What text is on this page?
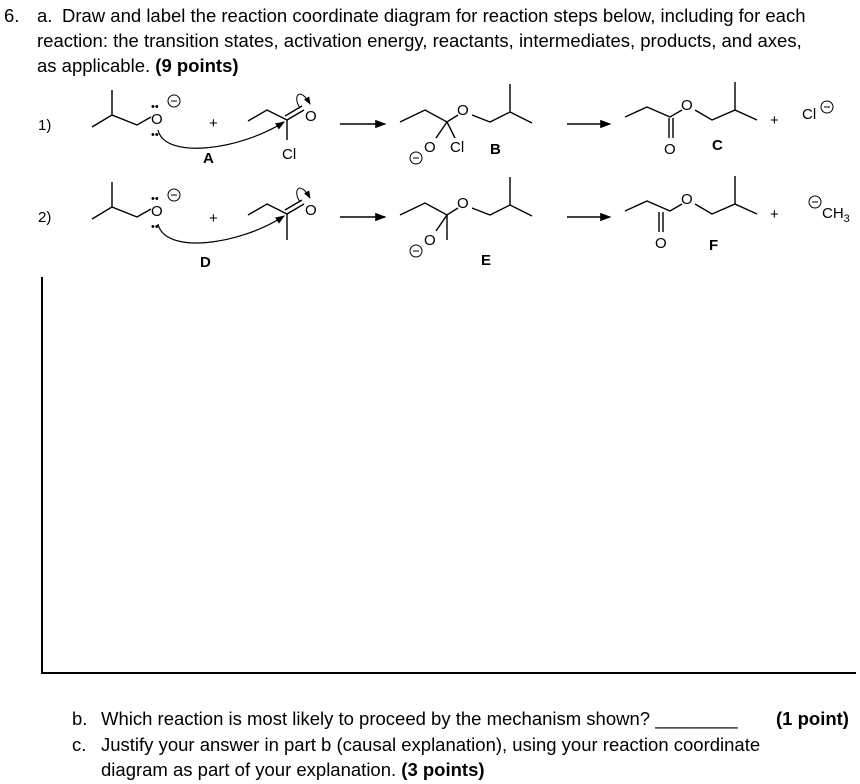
6. a. Draw and label the reaction coordinate diagram for reaction steps below, including for each
reaction: the transition states, activation energy, reactants, intermediates, products, and axes,
as applicable. (9 points)
1)	O
••
••
+
A
O
Cl
O
O Cl B
O
O C
+ Cl
2)	O
••
••	+
D
O	O
O
E
O
O	F
+	$CH_3$
b. Which reaction is most likely to proceed by the mechanism shown? ________ (1 point)
c. Justify your answer in part b (causal explanation), using your reaction coordinate
diagram as part of your explanation. (3 points)
